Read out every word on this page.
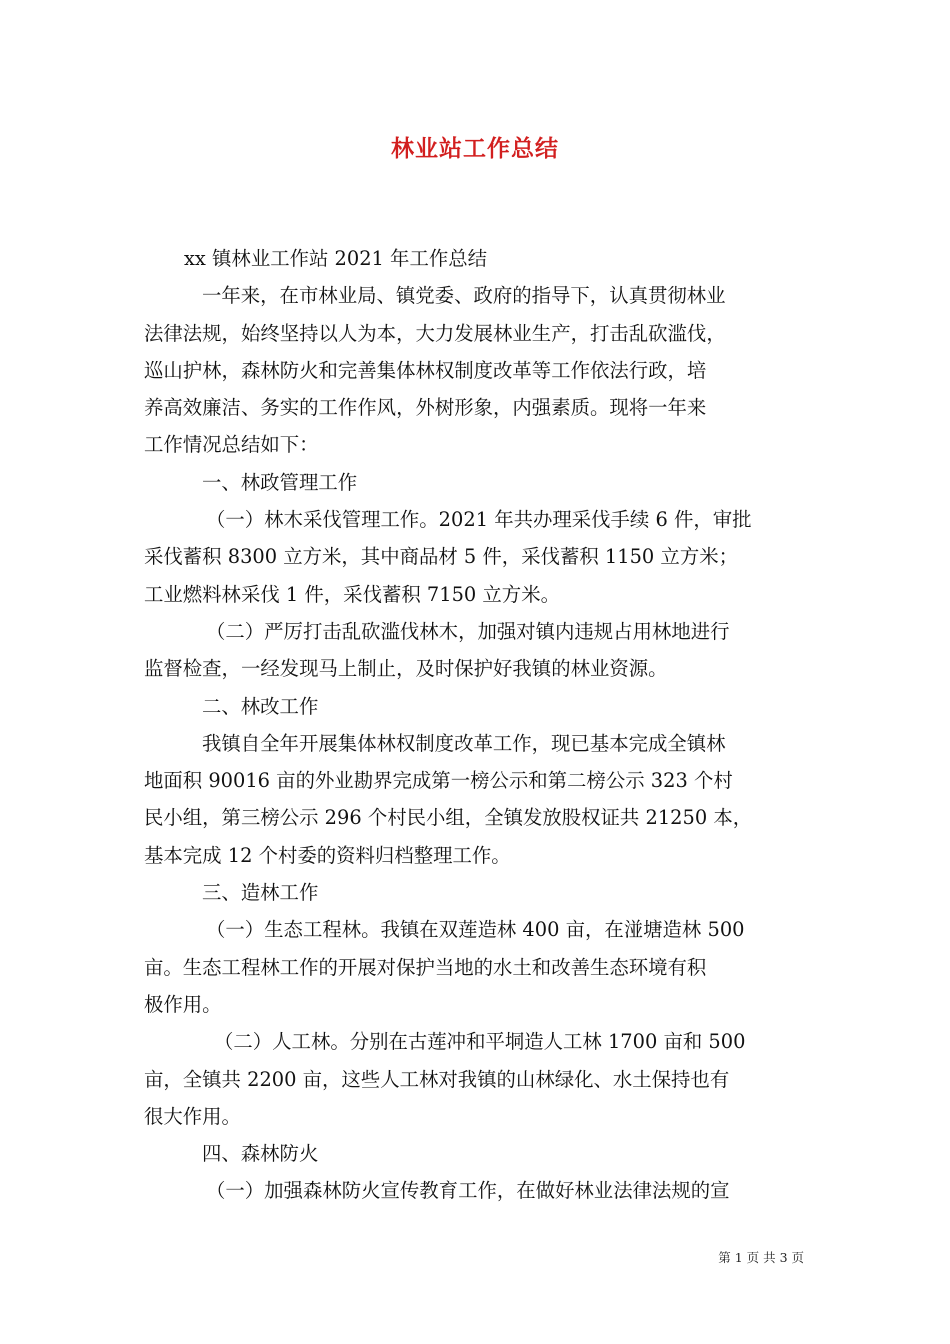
林业站工作总结

xx 镇林业工作站 2021 年工作总结

一年来，在市林业局、镇党委、政府的指导下，认真贯彻林业
法律法规，始终坚持以人为本，大力发展林业生产，打击乱砍滥伐，
巡山护林，森林防火和完善集体林权制度改革等工作依法行政，培
养高效廉洁、务实的工作作风，外树形象，内强素质。现将一年来
工作情况总结如下：

一、林政管理工作

（一）林木采伐管理工作。2021 年共办理采伐手续 6 件，审批
采伐蓄积 8300 立方米，其中商品材 5 件，采伐蓄积 1150 立方米；
工业燃料林采伐 1 件，采伐蓄积 7150 立方米。

（二）严厉打击乱砍滥伐林木，加强对镇内违规占用林地进行
监督检查，一经发现马上制止，及时保护好我镇的林业资源。

二、林改工作

我镇自全年开展集体林权制度改革工作，现已基本完成全镇林
地面积 90016 亩的外业勘界完成第一榜公示和第二榜公示 323 个村
民小组，第三榜公示 296 个村民小组，全镇发放股权证共 21250 本，
基本完成 12 个村委的资料归档整理工作。

三、造林工作

（一）生态工程林。我镇在双莲造林 400 亩，在湴塘造林 500
亩。生态工程林工作的开展对保护当地的水土和改善生态环境有积
极作用。

（二）人工林。分别在古莲冲和平垌造人工林 1700 亩和 500
亩，全镇共 2200 亩，这些人工林对我镇的山林绿化、水土保持也有
很大作用。

四、森林防火

（一）加强森林防火宣传教育工作，在做好林业法律法规的宣

第 1 页 共 3 页
